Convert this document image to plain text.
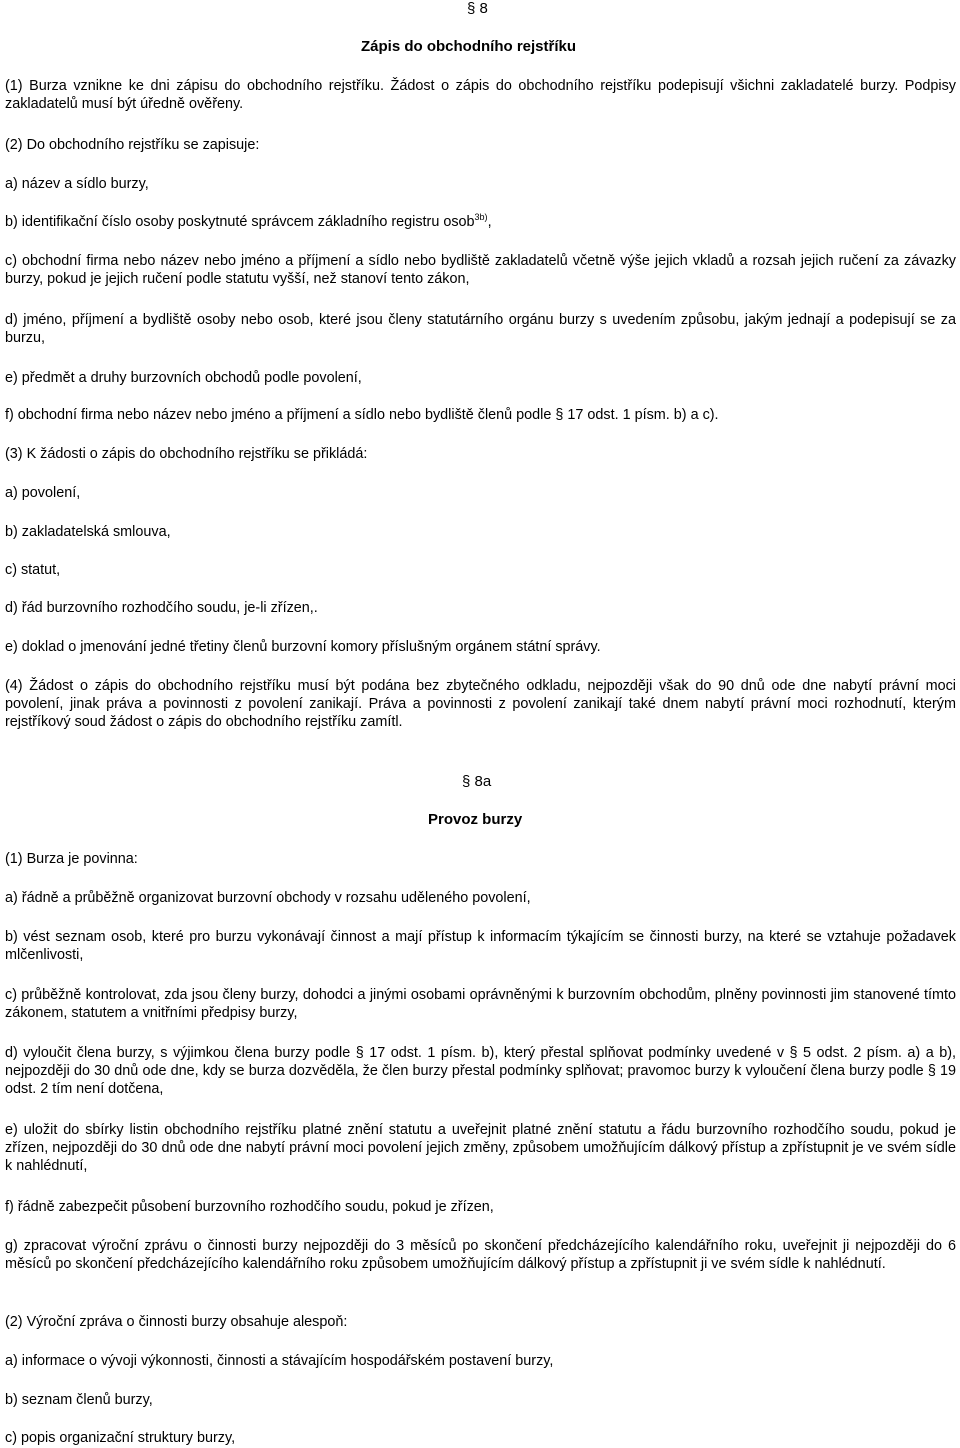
§ 8
Zápis do obchodního rejstříku

(1) Burza vznikne ke dni zápisu do obchodního rejstříku. Žádost o zápis do obchodního rejstříku podepisují všichni zakladatelé burzy. Podpisy zakladatelů musí být úředně ověřeny.

(2) Do obchodního rejstříku se zapisuje:

a) název a sídlo burzy,

b) identifikační číslo osoby poskytnuté správcem základního registru osob$^{3b)}$,

c) obchodní firma nebo název nebo jméno a příjmení a sídlo nebo bydliště zakladatelů včetně výše jejich vkladů a rozsah jejich ručení za závazky burzy, pokud je jejich ručení podle statutu vyšší, než stanoví tento zákon,

d) jméno, příjmení a bydliště osoby nebo osob, které jsou členy statutárního orgánu burzy s uvedením způsobu, jakým jednají a podepisují se za burzu,

e) předmět a druhy burzovních obchodů podle povolení,

f) obchodní firma nebo název nebo jméno a příjmení a sídlo nebo bydliště členů podle § 17 odst. 1 písm. b) a c).

(3) K žádosti o zápis do obchodního rejstříku se přikládá:

a) povolení,

b) zakladatelská smlouva,

c) statut,

d) řád burzovního rozhodčího soudu, je-li zřízen,.

e) doklad o jmenování jedné třetiny členů burzovní komory příslušným orgánem státní správy.

(4) Žádost o zápis do obchodního rejstříku musí být podána bez zbytečného odkladu, nejpozději však do 90 dnů ode dne nabytí právní moci povolení, jinak práva a povinnosti z povolení zanikají. Práva a povinnosti z povolení zanikají také dnem nabytí právní moci rozhodnutí, kterým rejstříkový soud žádost o zápis do obchodního rejstříku zamítl.

§ 8a
Provoz burzy

(1) Burza je povinna:

a) řádně a průběžně organizovat burzovní obchody v rozsahu uděleného povolení,

b) vést seznam osob, které pro burzu vykonávají činnost a mají přístup k informacím týkajícím se činnosti burzy, na které se vztahuje požadavek mlčenlivosti,

c) průběžně kontrolovat, zda jsou členy burzy, dohodci a jinými osobami oprávněnými k burzovním obchodům, plněny povinnosti jim stanovené tímto zákonem, statutem a vnitřními předpisy burzy,

d) vyloučit člena burzy, s výjimkou člena burzy podle § 17 odst. 1 písm. b), který přestal splňovat podmínky uvedené v § 5 odst. 2 písm. a) a b), nejpozději do 30 dnů ode dne, kdy se burza dozvěděla, že člen burzy přestal podmínky splňovat; pravomoc burzy k vyloučení člena burzy podle § 19 odst. 2 tím není dotčena,

e) uložit do sbírky listin obchodního rejstříku platné znění statutu a uveřejnit platné znění statutu a řádu burzovního rozhodčího soudu, pokud je zřízen, nejpozději do 30 dnů ode dne nabytí právní moci povolení jejich změny, způsobem umožňujícím dálkový přístup a zpřístupnit je ve svém sídle k nahlédnutí,

f) řádně zabezpečit působení burzovního rozhodčího soudu, pokud je zřízen,

g) zpracovat výroční zprávu o činnosti burzy nejpozději do 3 měsíců po skončení předcházejícího kalendářního roku, uveřejnit ji nejpozději do 6 měsíců po skončení předcházejícího kalendářního roku způsobem umožňujícím dálkový přístup a zpřístupnit ji ve svém sídle k nahlédnutí.

(2) Výroční zpráva o činnosti burzy obsahuje alespoň:

a) informace o vývoji výkonnosti, činnosti a stávajícím hospodářském postavení burzy,

b) seznam členů burzy,

c) popis organizační struktury burzy,
